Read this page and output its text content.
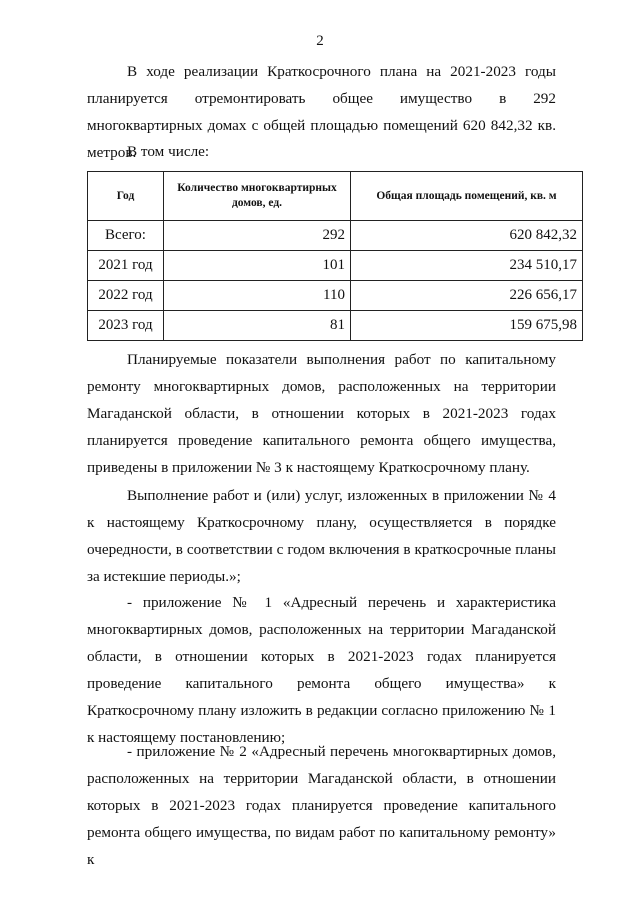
2

В ходе реализации Краткосрочного плана на 2021-2023 годы планируется отремонтировать общее имущество в 292 многоквартирных домах с общей площадью помещений 620 842,32 кв. метров.

В том числе:

Год	Количество многоквартирных домов, ед.	Общая площадь помещений, кв. м
Всего:	292	620 842,32
2021 год	101	234 510,17
2022 год	110	226 656,17
2023 год	81	159 675,98

Планируемые показатели выполнения работ по капитальному ремонту многоквартирных домов, расположенных на территории Магаданской области, в отношении которых в 2021-2023 годах планируется проведение капитального ремонта общего имущества, приведены в приложении № 3 к настоящему Краткосрочному плану.

Выполнение работ и (или) услуг, изложенных в приложении № 4 к настоящему Краткосрочному плану, осуществляется в порядке очередности, в соответствии с годом включения в краткосрочные планы за истекшие периоды.»;

- приложение № 1 «Адресный перечень и характеристика многоквартирных домов, расположенных на территории Магаданской области, в отношении которых в 2021-2023 годах планируется проведение капитального ремонта общего имущества» к Краткосрочному плану изложить в редакции согласно приложению № 1 к настоящему постановлению;

- приложение № 2 «Адресный перечень многоквартирных домов, расположенных на территории Магаданской области, в отношении которых в 2021-2023 годах планируется проведение капитального ремонта общего имущества, по видам работ по капитальному ремонту» к
